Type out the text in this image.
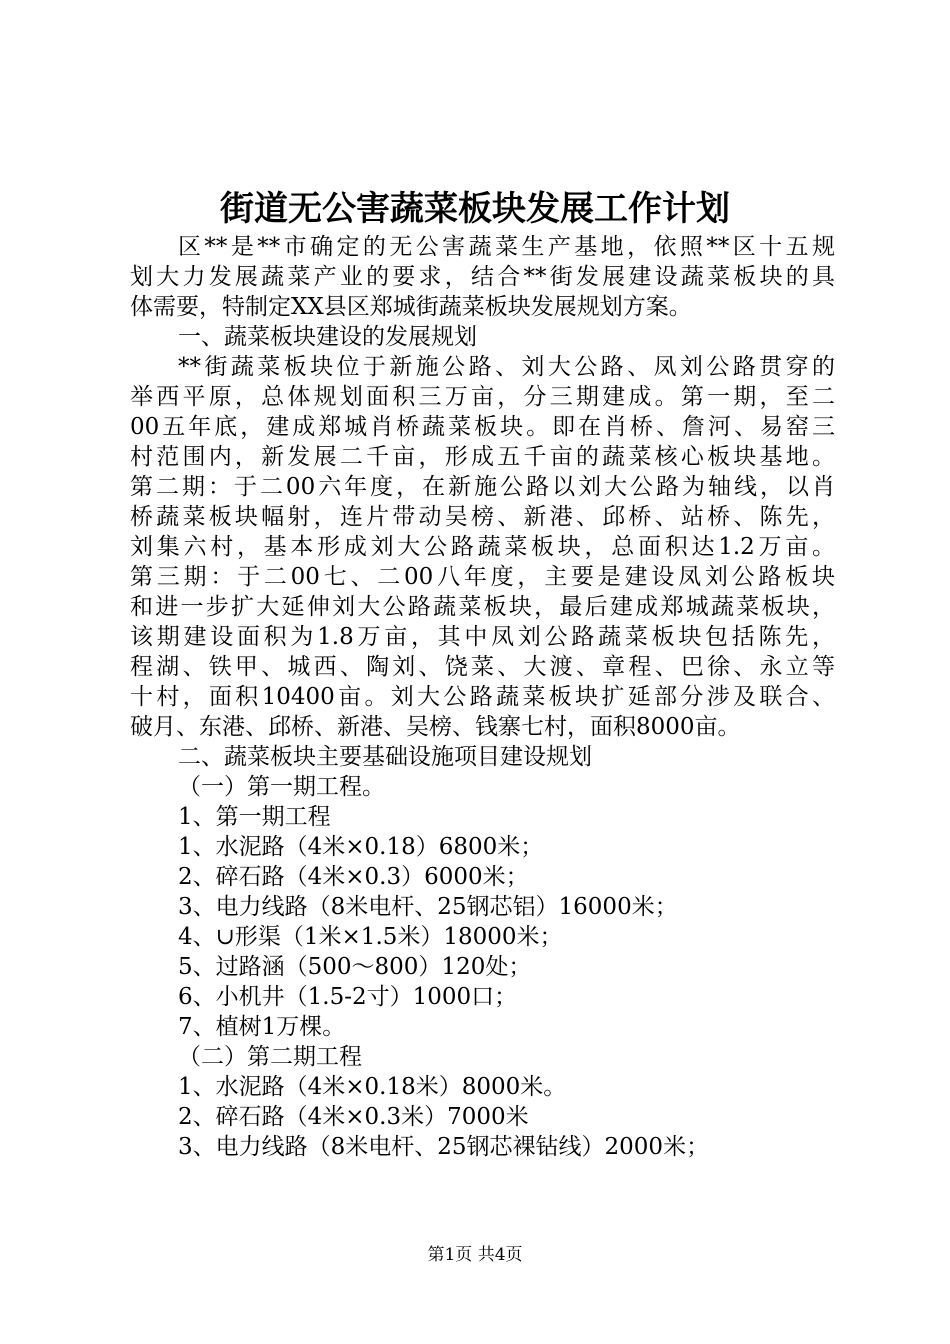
街道无公害蔬菜板块发展工作计划
区**是**市确定的无公害蔬菜生产基地，依照**区十五规
划大力发展蔬菜产业的要求，结合**街发展建设蔬菜板块的具
体需要，特制定XX县区郑城街蔬菜板块发展规划方案。
一、蔬菜板块建设的发展规划
**街蔬菜板块位于新施公路、刘大公路、凤刘公路贯穿的
举西平原，总体规划面积三万亩，分三期建成。第一期，至二
00五年底，建成郑城肖桥蔬菜板块。即在肖桥、詹河、易窑三
村范围内，新发展二千亩，形成五千亩的蔬菜核心板块基地。
第二期：于二00六年度，在新施公路以刘大公路为轴线，以肖
桥蔬菜板块幅射，连片带动吴榜、新港、邱桥、站桥、陈先，
刘集六村，基本形成刘大公路蔬菜板块，总面积达1.2万亩。
第三期：于二00七、二00八年度，主要是建设凤刘公路板块
和进一步扩大延伸刘大公路蔬菜板块，最后建成郑城蔬菜板块，
该期建设面积为1.8万亩，其中凤刘公路蔬菜板块包括陈先，
程湖、铁甲、城西、陶刘、饶菜、大渡、章程、巴徐、永立等
十村，面积10400亩。刘大公路蔬菜板块扩延部分涉及联合、
破月、东港、邱桥、新港、吴榜、钱寨七村，面积8000亩。
二、蔬菜板块主要基础设施项目建设规划
（一）第一期工程。
1、第一期工程
1、水泥路（4米×0.18）6800米；
2、碎石路（4米×0.3）6000米；
3、电力线路（8米电杆、25钢芯铝）16000米；
4、∪形渠（1米×1.5米）18000米；
5、过路涵（500～800）120处；
6、小机井（1.5-2寸）1000口；
7、植树1万棵。
（二）第二期工程
1、水泥路（4米×0.18米）8000米。
2、碎石路（4米×0.3米）7000米
3、电力线路（8米电杆、25钢芯裸钻线）2000米；
第1页 共4页
